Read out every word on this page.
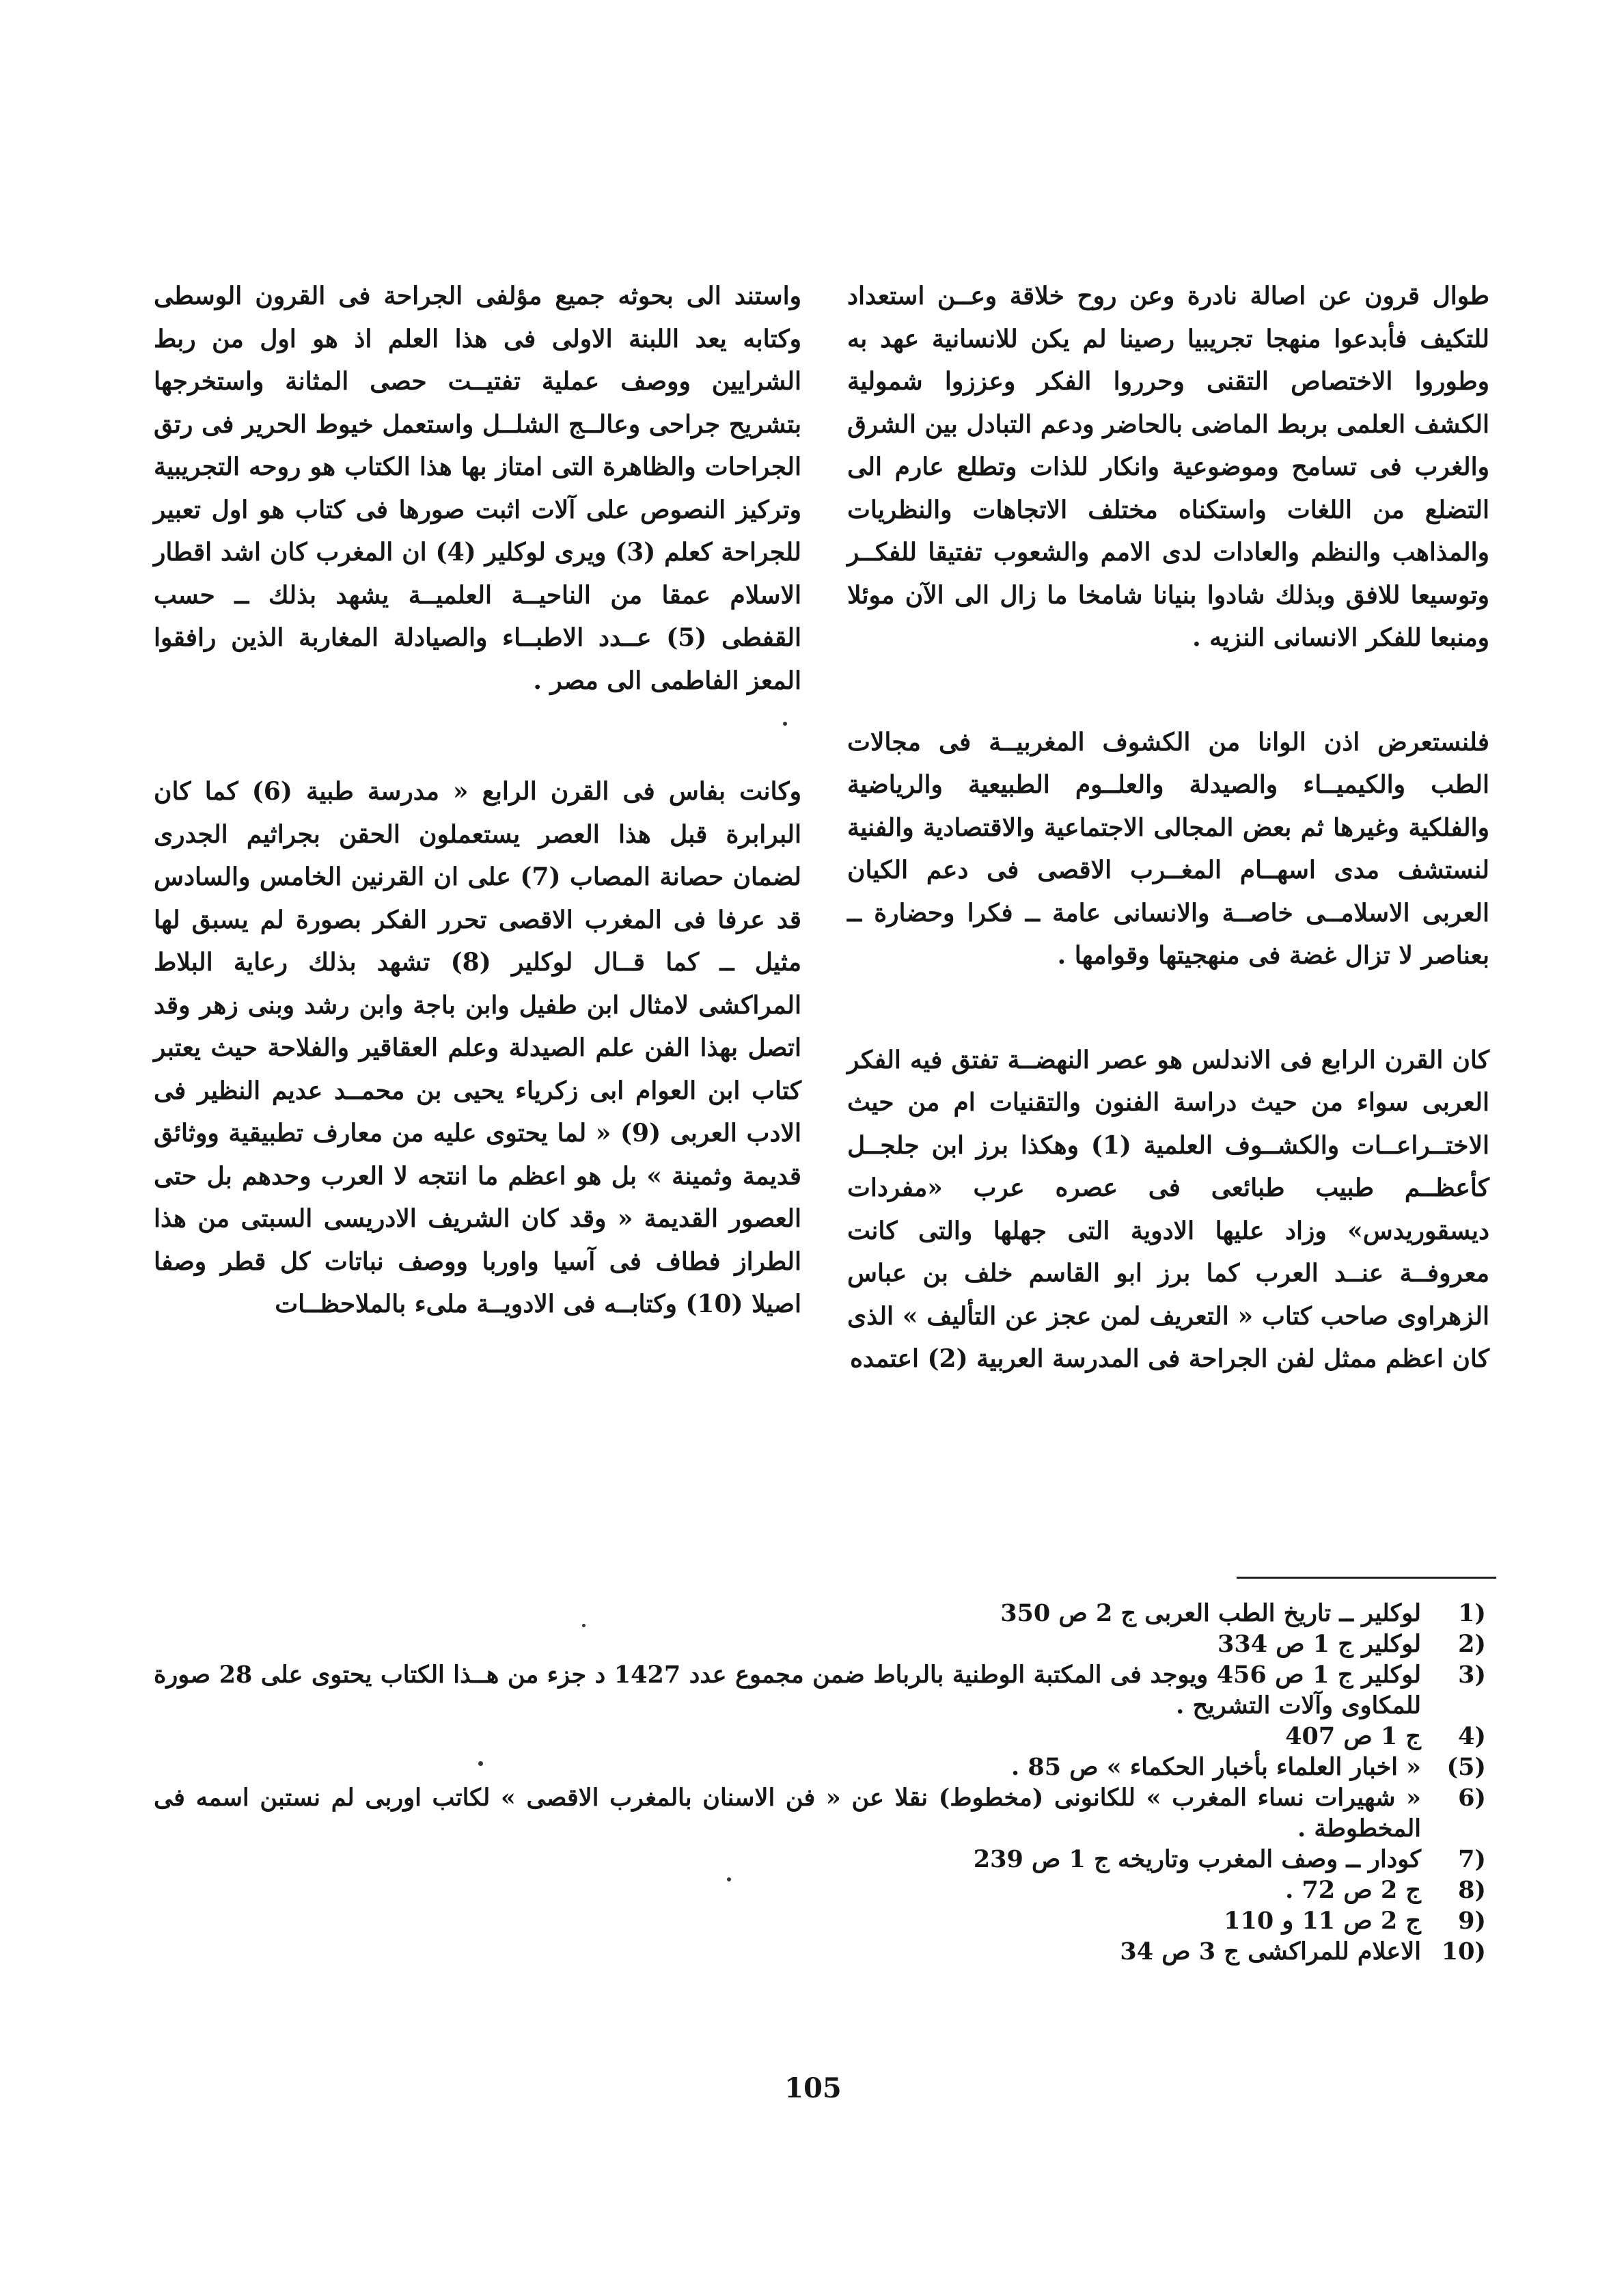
طوال قرون عن اصالة نادرة وعن روح خلاقة وعــن استعداد للتكيف فأبدعوا منهجا تجريبيا رصينا لم يكن للانسانية عهد به وطوروا الاختصاص التقنى وحرروا الفكر وعززوا شمولية الكشف العلمى بربط الماضى بالحاضر ودعم التبادل بين الشرق والغرب فى تسامح وموضوعية وانكار للذات وتطلع عارم الى التضلع من اللغات واستكناه مختلف الاتجاهات والنظريات والمذاهب والنظم والعادات لدى الامم والشعوب تفتيقا للفكــر وتوسيعا للافق وبذلك شادوا بنيانا شامخا ما زال الى الآن موئلا ومنبعا للفكر الانسانى النزيه .

فلنستعرض اذن الوانا من الكشوف المغربيــة فى مجالات الطب والكيميــاء والصيدلة والعلــوم الطبيعية والرياضية والفلكية وغيرها ثم بعض المجالى الاجتماعية والاقتصادية والفنية لنستشف مدى اسهــام المغــرب الاقصى فى دعم الكيان العربى الاسلامــى خاصــة والانسانى عامة ــ فكرا وحضارة ــ بعناصر لا تزال غضة فى منهجيتها وقوامها .

كان القرن الرابع فى الاندلس هو عصر النهضــة تفتق فيه الفكر العربى سواء من حيث دراسة الفنون والتقنيات ام من حيث الاختــراعــات والكشــوف العلمية (1) وهكذا برز ابن جلجــل كأعظــم طبيب طبائعى فى عصره عرب «مفردات ديسقوريدس» وزاد عليها الادوية التى جهلها والتى كانت معروفــة عنــد العرب كما برز ابو القاسم خلف بن عباس الزهراوى صاحب كتاب « التعريف لمن عجز عن التأليف » الذى كان اعظم ممثل لفن الجراحة فى المدرسة العربية (2) اعتمده

واستند الى بحوثه جميع مؤلفى الجراحة فى القرون الوسطى وكتابه يعد اللبنة الاولى فى هذا العلم اذ هو اول من ربط الشرايين ووصف عملية تفتيــت حصى المثانة واستخرجها بتشريح جراحى وعالــج الشلــل واستعمل خيوط الحرير فى رتق الجراحات والظاهرة التى امتاز بها هذا الكتاب هو روحه التجريبية وتركيز النصوص على آلات اثبت صورها فى كتاب هو اول تعبير للجراحة كعلم (3) ويرى لوكلير (4) ان المغرب كان اشد اقطار الاسلام عمقا من الناحيــة العلميــة يشهد بذلك ــ حسب القفطى (5) عــدد الاطبــاء والصيادلة المغاربة الذين رافقوا المعز الفاطمى الى مصر .

وكانت بفاس فى القرن الرابع « مدرسة طبية (6) كما كان البرابرة قبل هذا العصر يستعملون الحقن بجراثيم الجدرى لضمان حصانة المصاب (7) على ان القرنين الخامس والسادس قد عرفا فى المغرب الاقصى تحرر الفكر بصورة لم يسبق لها مثيل ــ كما قــال لوكلير (8) تشهد بذلك رعاية البلاط المراكشى لامثال ابن طفيل وابن باجة وابن رشد وبنى زهر وقد اتصل بهذا الفن علم الصيدلة وعلم العقاقير والفلاحة حيث يعتبر كتاب ابن العوام ابى زكرياء يحيى بن محمــد عديم النظير فى الادب العربى (9) « لما يحتوى عليه من معارف تطبيقية ووثائق قديمة وثمينة » بل هو اعظم ما انتجه لا العرب وحدهم بل حتى العصور القديمة « وقد كان الشريف الادريسى السبتى من هذا الطراز فطاف فى آسيا واوربا ووصف نباتات كل قطر وصفا اصيلا (10) وكتابــه فى الادويــة ملىء بالملاحظــات

1)
لوكلير ــ تاريخ الطب العربى ج 2 ص 350
2)
لوكلير ج 1 ص 334
3)
لوكلير ج 1 ص 456 ويوجد فى المكتبة الوطنية بالرباط ضمن مجموع عدد 1427 د جزء من هــذا الكتاب يحتوى على 28 صورة للمكاوى وآلات التشريح .
4)
ج 1 ص 407
(5)
« اخبار العلماء بأخبار الحكماء » ص 85 .
6)
« شهيرات نساء المغرب » للكانونى (مخطوط) نقلا عن « فن الاسنان بالمغرب الاقصى » لكاتب اوربى لم نستبن اسمه فى المخطوطة .
7)
كودار ــ وصف المغرب وتاريخه ج 1 ص 239
8)
ج 2 ص 72 .
9)
ج 2 ص 11 و 110
10)
الاعلام للمراكشى ج 3 ص 34
105
